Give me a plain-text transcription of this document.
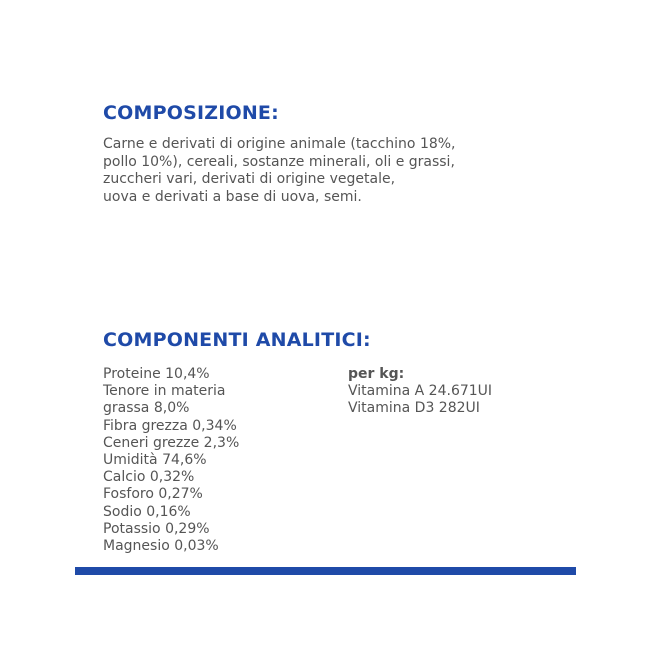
COMPOSIZIONE:

Carne e derivati di origine animale (tacchino 18%,
pollo 10%), cereali, sostanze minerali, oli e grassi,
zuccheri vari, derivati di origine vegetale,
uova e derivati a base di uova, semi.

COMPONENTI ANALITICI:
Proteine 10,4%
Tenore in materia
grassa 8,0%
Fibra grezza 0,34%
Ceneri grezze 2,3%
Umidità 74,6%
Calcio 0,32%
Fosforo 0,27%
Sodio 0,16%
Potassio 0,29%
Magnesio 0,03%
per kg:
Vitamina A 24.671UI
Vitamina D3 282UI
